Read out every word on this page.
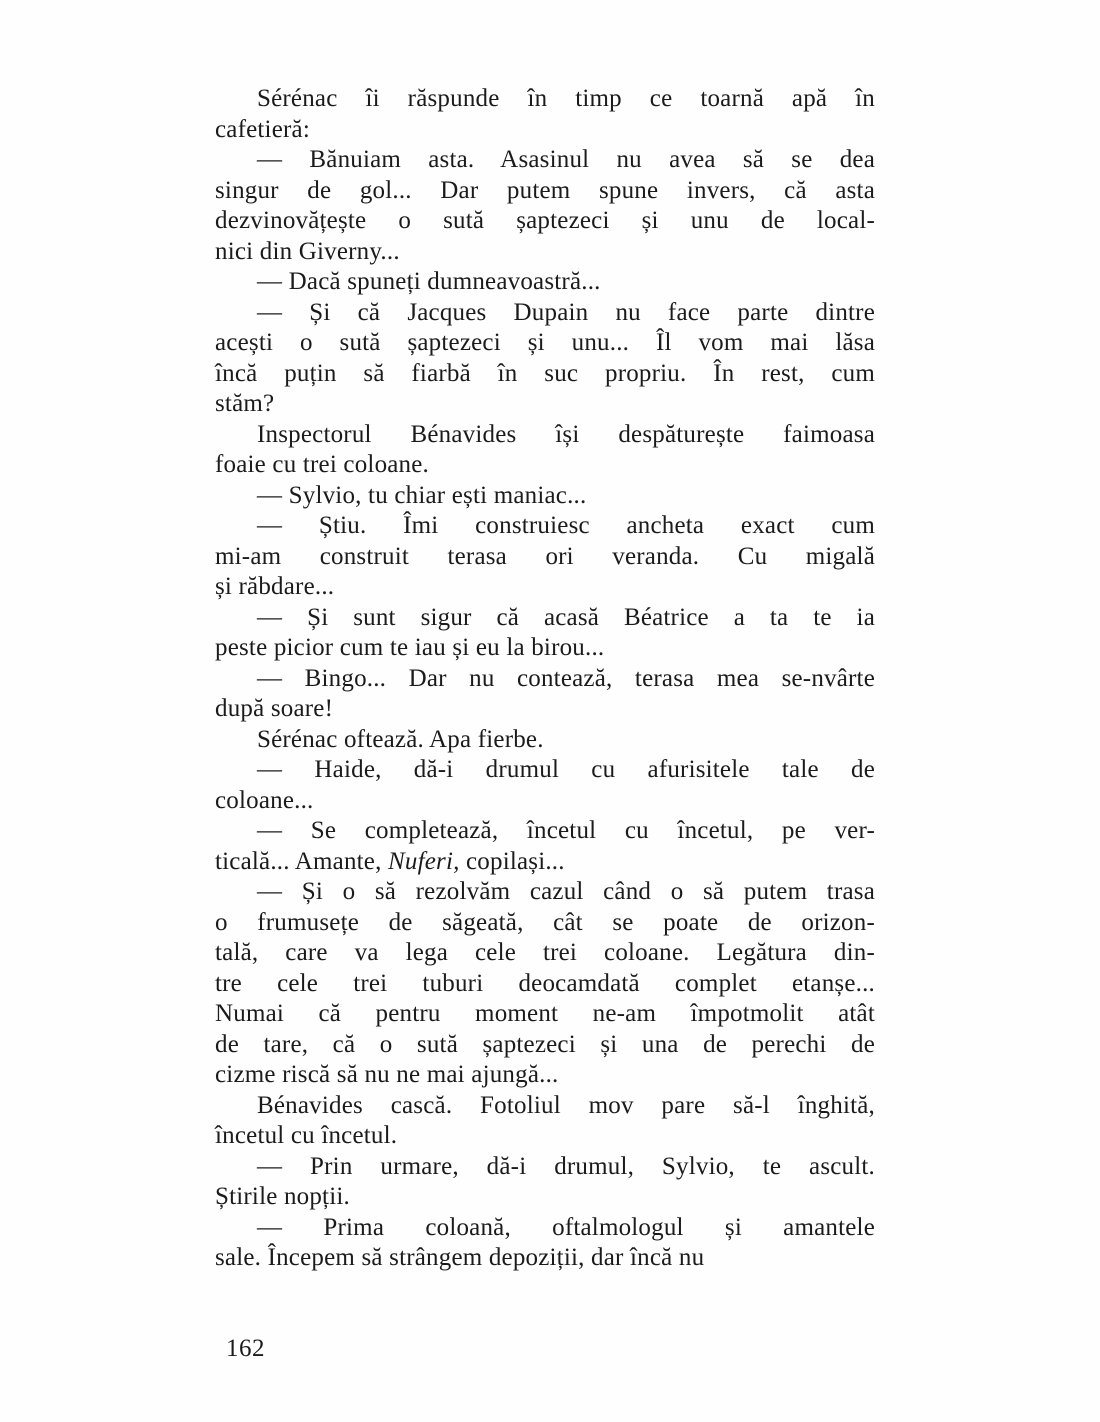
Sérénac îi răspunde în timp ce toarnă apă în
cafetieră:

— Bănuiam asta. Asasinul nu avea să se dea
singur de gol... Dar putem spune invers, că asta
dezvinovățește o sută șaptezeci și unu de local-
nici din Giverny...

— Dacă spuneți dumneavoastră...

— Și că Jacques Dupain nu face parte dintre
acești o sută șaptezeci și unu... Îl vom mai lăsa
încă puțin să fiarbă în suc propriu. În rest, cum
stăm?

Inspectorul Bénavides își despăturește faimoasa
foaie cu trei coloane.

— Sylvio, tu chiar ești maniac...

— Știu. Îmi construiesc ancheta exact cum
mi-am construit terasa ori veranda. Cu migală
și răbdare...

— Și sunt sigur că acasă Béatrice a ta te ia
peste picior cum te iau și eu la birou...

— Bingo... Dar nu contează, terasa mea se-nvârte
după soare!

Sérénac oftează. Apa fierbe.

— Haide, dă-i drumul cu afurisitele tale de
coloane...

— Se completează, încetul cu încetul, pe ver-
ticală... Amante, Nuferi, copilași...

— Și o să rezolvăm cazul când o să putem trasa
o frumusețe de săgeată, cât se poate de orizon-
tală, care va lega cele trei coloane. Legătura din-
tre cele trei tuburi deocamdată complet etanșe...
Numai că pentru moment ne-am împotmolit atât
de tare, că o sută șaptezeci și una de perechi de
cizme riscă să nu ne mai ajungă...

Bénavides cască. Fotoliul mov pare să-l înghită,
încetul cu încetul.

— Prin urmare, dă-i drumul, Sylvio, te ascult.
Știrile nopții.

— Prima coloană, oftalmologul și amantele
sale. Începem să strângem depoziții, dar încă nu

162
